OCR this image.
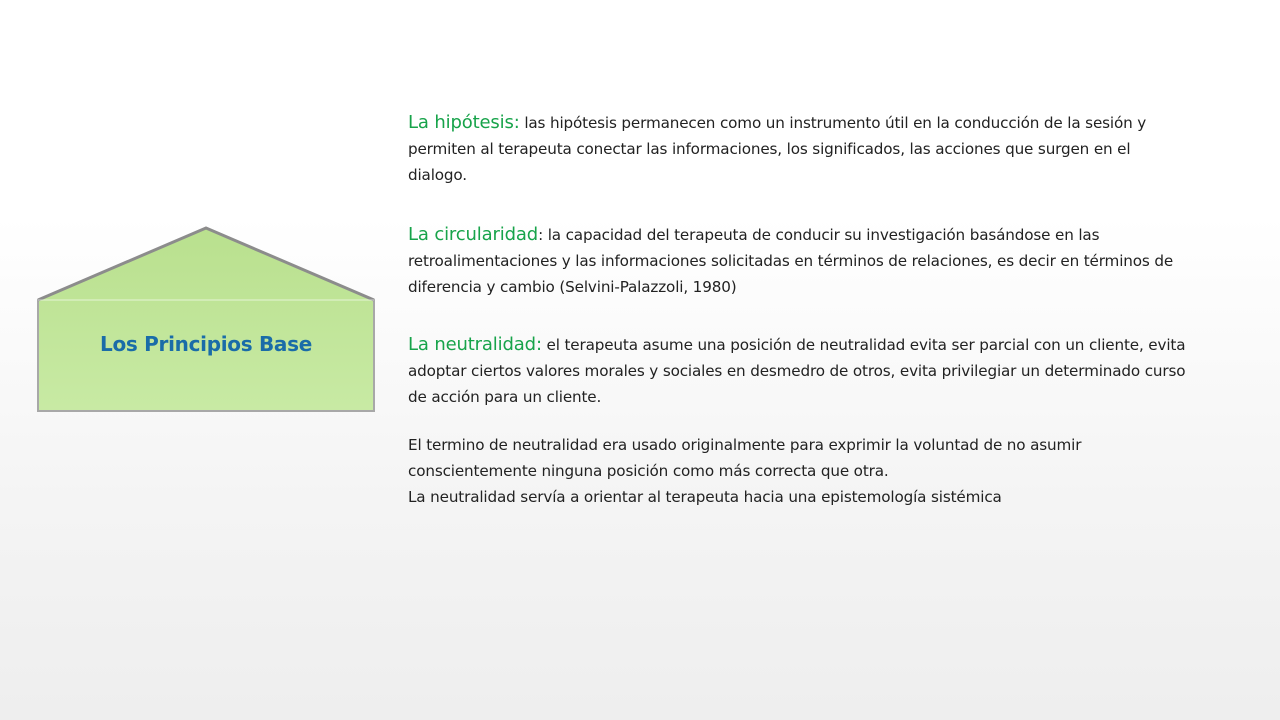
Los Principios Base

La hipótesis: las hipótesis permanecen como un instrumento útil en la conducción de la sesión y permiten al terapeuta conectar las informaciones, los significados, las acciones que surgen en el dialogo.

La circularidad: la capacidad del terapeuta de conducir su investigación basándose en las retroalimentaciones y las informaciones solicitadas en términos de relaciones, es decir en términos de diferencia y cambio (Selvini-Palazzoli, 1980)

La neutralidad: el terapeuta asume una posición de neutralidad evita ser parcial con un cliente, evita adoptar ciertos valores morales y sociales en desmedro de otros, evita privilegiar un determinado curso de acción para un cliente.

El termino de neutralidad era usado originalmente para exprimir la voluntad de no asumir conscientemente ninguna posición como más correcta que otra.

La neutralidad servía a orientar al terapeuta hacia una epistemología sistémica
